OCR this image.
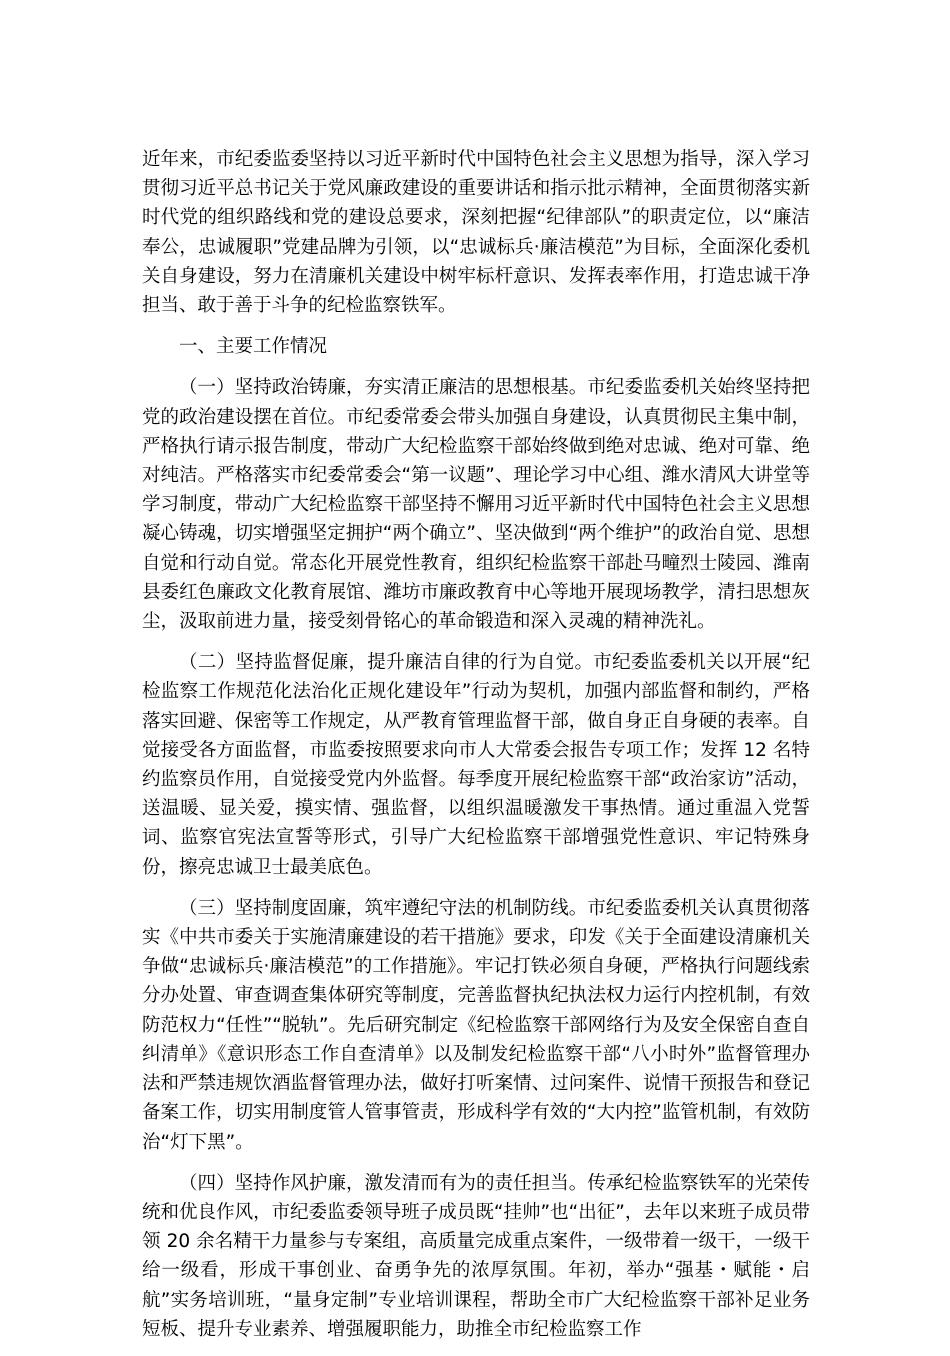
近年来，市纪委监委坚持以习近平新时代中国特色社会主义思想为指导，深入学习贯彻习近平总书记关于党风廉政建设的重要讲话和指示批示精神，全面贯彻落实新时代党的组织路线和党的建设总要求，深刻把握“纪律部队”的职责定位，以“廉洁奉公，忠诚履职”党建品牌为引领，以“忠诚标兵·廉洁模范”为目标，全面深化委机关自身建设，努力在清廉机关建设中树牢标杆意识、发挥表率作用，打造忠诚干净担当、敢于善于斗争的纪检监察铁军。

一、主要工作情况

（一）坚持政治铸廉，夯实清正廉洁的思想根基。市纪委监委机关始终坚持把党的政治建设摆在首位。市纪委常委会带头加强自身建设，认真贯彻民主集中制，严格执行请示报告制度，带动广大纪检监察干部始终做到绝对忠诚、绝对可靠、绝对纯洁。严格落实市纪委常委会“第一议题”、理论学习中心组、潍水清风大讲堂等学习制度，带动广大纪检监察干部坚持不懈用习近平新时代中国特色社会主义思想凝心铸魂，切实增强坚定拥护“两个确立”、坚决做到“两个维护”的政治自觉、思想自觉和行动自觉。常态化开展党性教育，组织纪检监察干部赴马疃烈士陵园、潍南县委红色廉政文化教育展馆、潍坊市廉政教育中心等地开展现场教学，清扫思想灰尘，汲取前进力量，接受刻骨铭心的革命锻造和深入灵魂的精神洗礼。

（二）坚持监督促廉，提升廉洁自律的行为自觉。市纪委监委机关以开展“纪检监察工作规范化法治化正规化建设年”行动为契机，加强内部监督和制约，严格落实回避、保密等工作规定，从严教育管理监督干部，做自身正自身硬的表率。自觉接受各方面监督，市监委按照要求向市人大常委会报告专项工作；发挥 12 名特约监察员作用，自觉接受党内外监督。每季度开展纪检监察干部“政治家访”活动，送温暖、显关爱，摸实情、强监督，以组织温暖激发干事热情。通过重温入党誓词、监察官宪法宣誓等形式，引导广大纪检监察干部增强党性意识、牢记特殊身份，擦亮忠诚卫士最美底色。

（三）坚持制度固廉，筑牢遵纪守法的机制防线。市纪委监委机关认真贯彻落实《中共市委关于实施清廉建设的若干措施》要求，印发《关于全面建设清廉机关　争做“忠诚标兵·廉洁模范”的工作措施》。牢记打铁必须自身硬，严格执行问题线索分办处置、审查调查集体研究等制度，完善监督执纪执法权力运行内控机制，有效防范权力“任性”“脱轨”。先后研究制定《纪检监察干部网络行为及安全保密自查自纠清单》《意识形态工作自查清单》以及制发纪检监察干部“八小时外”监督管理办法和严禁违规饮酒监督管理办法，做好打听案情、过问案件、说情干预报告和登记备案工作，切实用制度管人管事管责，形成科学有效的“大内控”监管机制，有效防治“灯下黑”。

（四）坚持作风护廉，激发清而有为的责任担当。传承纪检监察铁军的光荣传统和优良作风，市纪委监委领导班子成员既“挂帅”也“出征”，去年以来班子成员带领 20 余名精干力量参与专案组，高质量完成重点案件，一级带着一级干，一级干给一级看，形成干事创业、奋勇争先的浓厚氛围。年初，举办“强基・赋能・启航”实务培训班，“量身定制”专业培训课程，帮助全市广大纪检监察干部补足业务短板、提升专业素养、增强履职能力，助推全市纪检监察工作
